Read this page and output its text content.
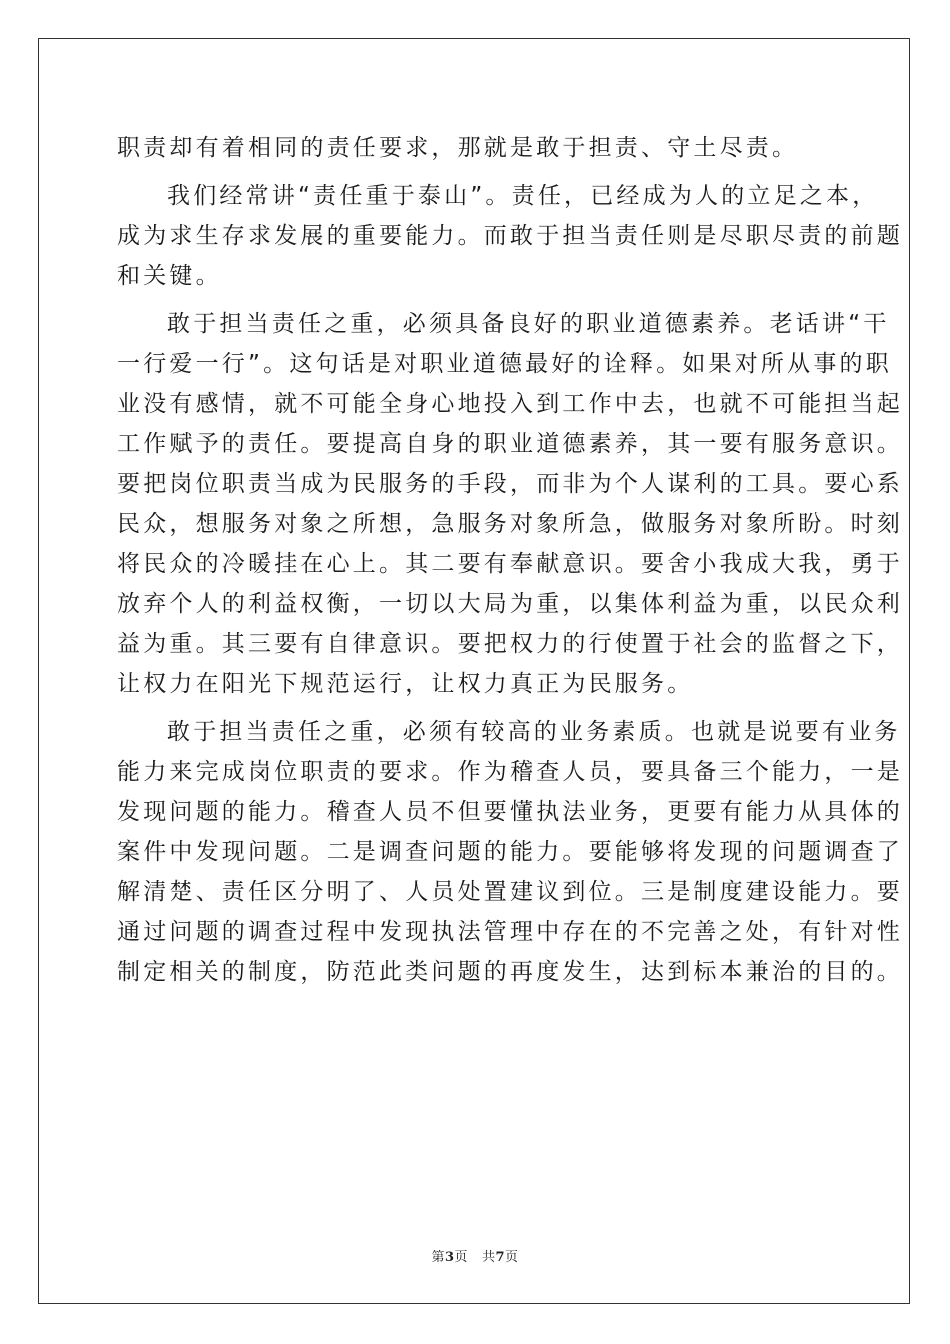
职责却有着相同的责任要求，那就是敢于担责、守土尽责。
我们经常讲“责任重于泰山”。责任，已经成为人的立足之本，
成为求生存求发展的重要能力。而敢于担当责任则是尽职尽责的前题
和关键。
敢于担当责任之重，必须具备良好的职业道德素养。老话讲“干
一行爱一行”。这句话是对职业道德最好的诠释。如果对所从事的职
业没有感情，就不可能全身心地投入到工作中去，也就不可能担当起
工作赋予的责任。要提高自身的职业道德素养，其一要有服务意识。
要把岗位职责当成为民服务的手段，而非为个人谋利的工具。要心系
民众，想服务对象之所想，急服务对象所急，做服务对象所盼。时刻
将民众的冷暖挂在心上。其二要有奉献意识。要舍小我成大我，勇于
放弃个人的利益权衡，一切以大局为重，以集体利益为重，以民众利
益为重。其三要有自律意识。要把权力的行使置于社会的监督之下，
让权力在阳光下规范运行，让权力真正为民服务。
敢于担当责任之重，必须有较高的业务素质。也就是说要有业务
能力来完成岗位职责的要求。作为稽查人员，要具备三个能力，一是
发现问题的能力。稽查人员不但要懂执法业务，更要有能力从具体的
案件中发现问题。二是调查问题的能力。要能够将发现的问题调查了
解清楚、责任区分明了、人员处置建议到位。三是制度建设能力。要
通过问题的调查过程中发现执法管理中存在的不完善之处，有针对性
制定相关的制度，防范此类问题的再度发生，达到标本兼治的目的。
第3页 共7页
